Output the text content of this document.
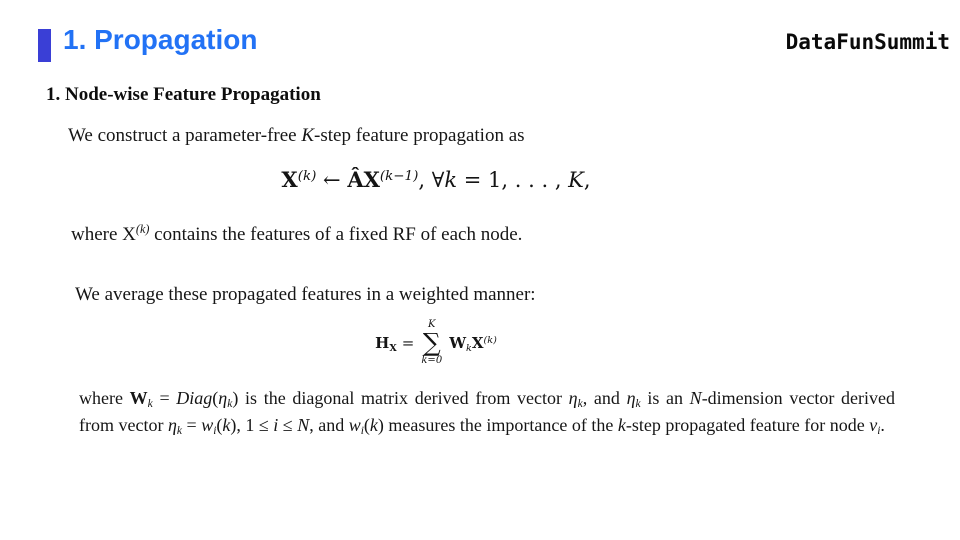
1. Propagation	DataFunSummit
1. Node-wise Feature Propagation

We construct a parameter-free K-step feature propagation as

$X^{(k)}$ ← $ÂX^{(k-1)}$, ∀k = 1, . . . , K,

where $X^{(k)}$ contains the features of a fixed RF of each node.

We average these propagated features in a weighted manner:

HX =
K
∑
k=0
WkX$^{(k)}$

where Wk = Diag(ηk) is the diagonal matrix derived from vector ηk, and ηk is an N-dimension vector derived from vector ηk = wi(k), 1 ≤ i ≤ N, and wi(k) measures the importance of the k-step propagated feature for node vi.
